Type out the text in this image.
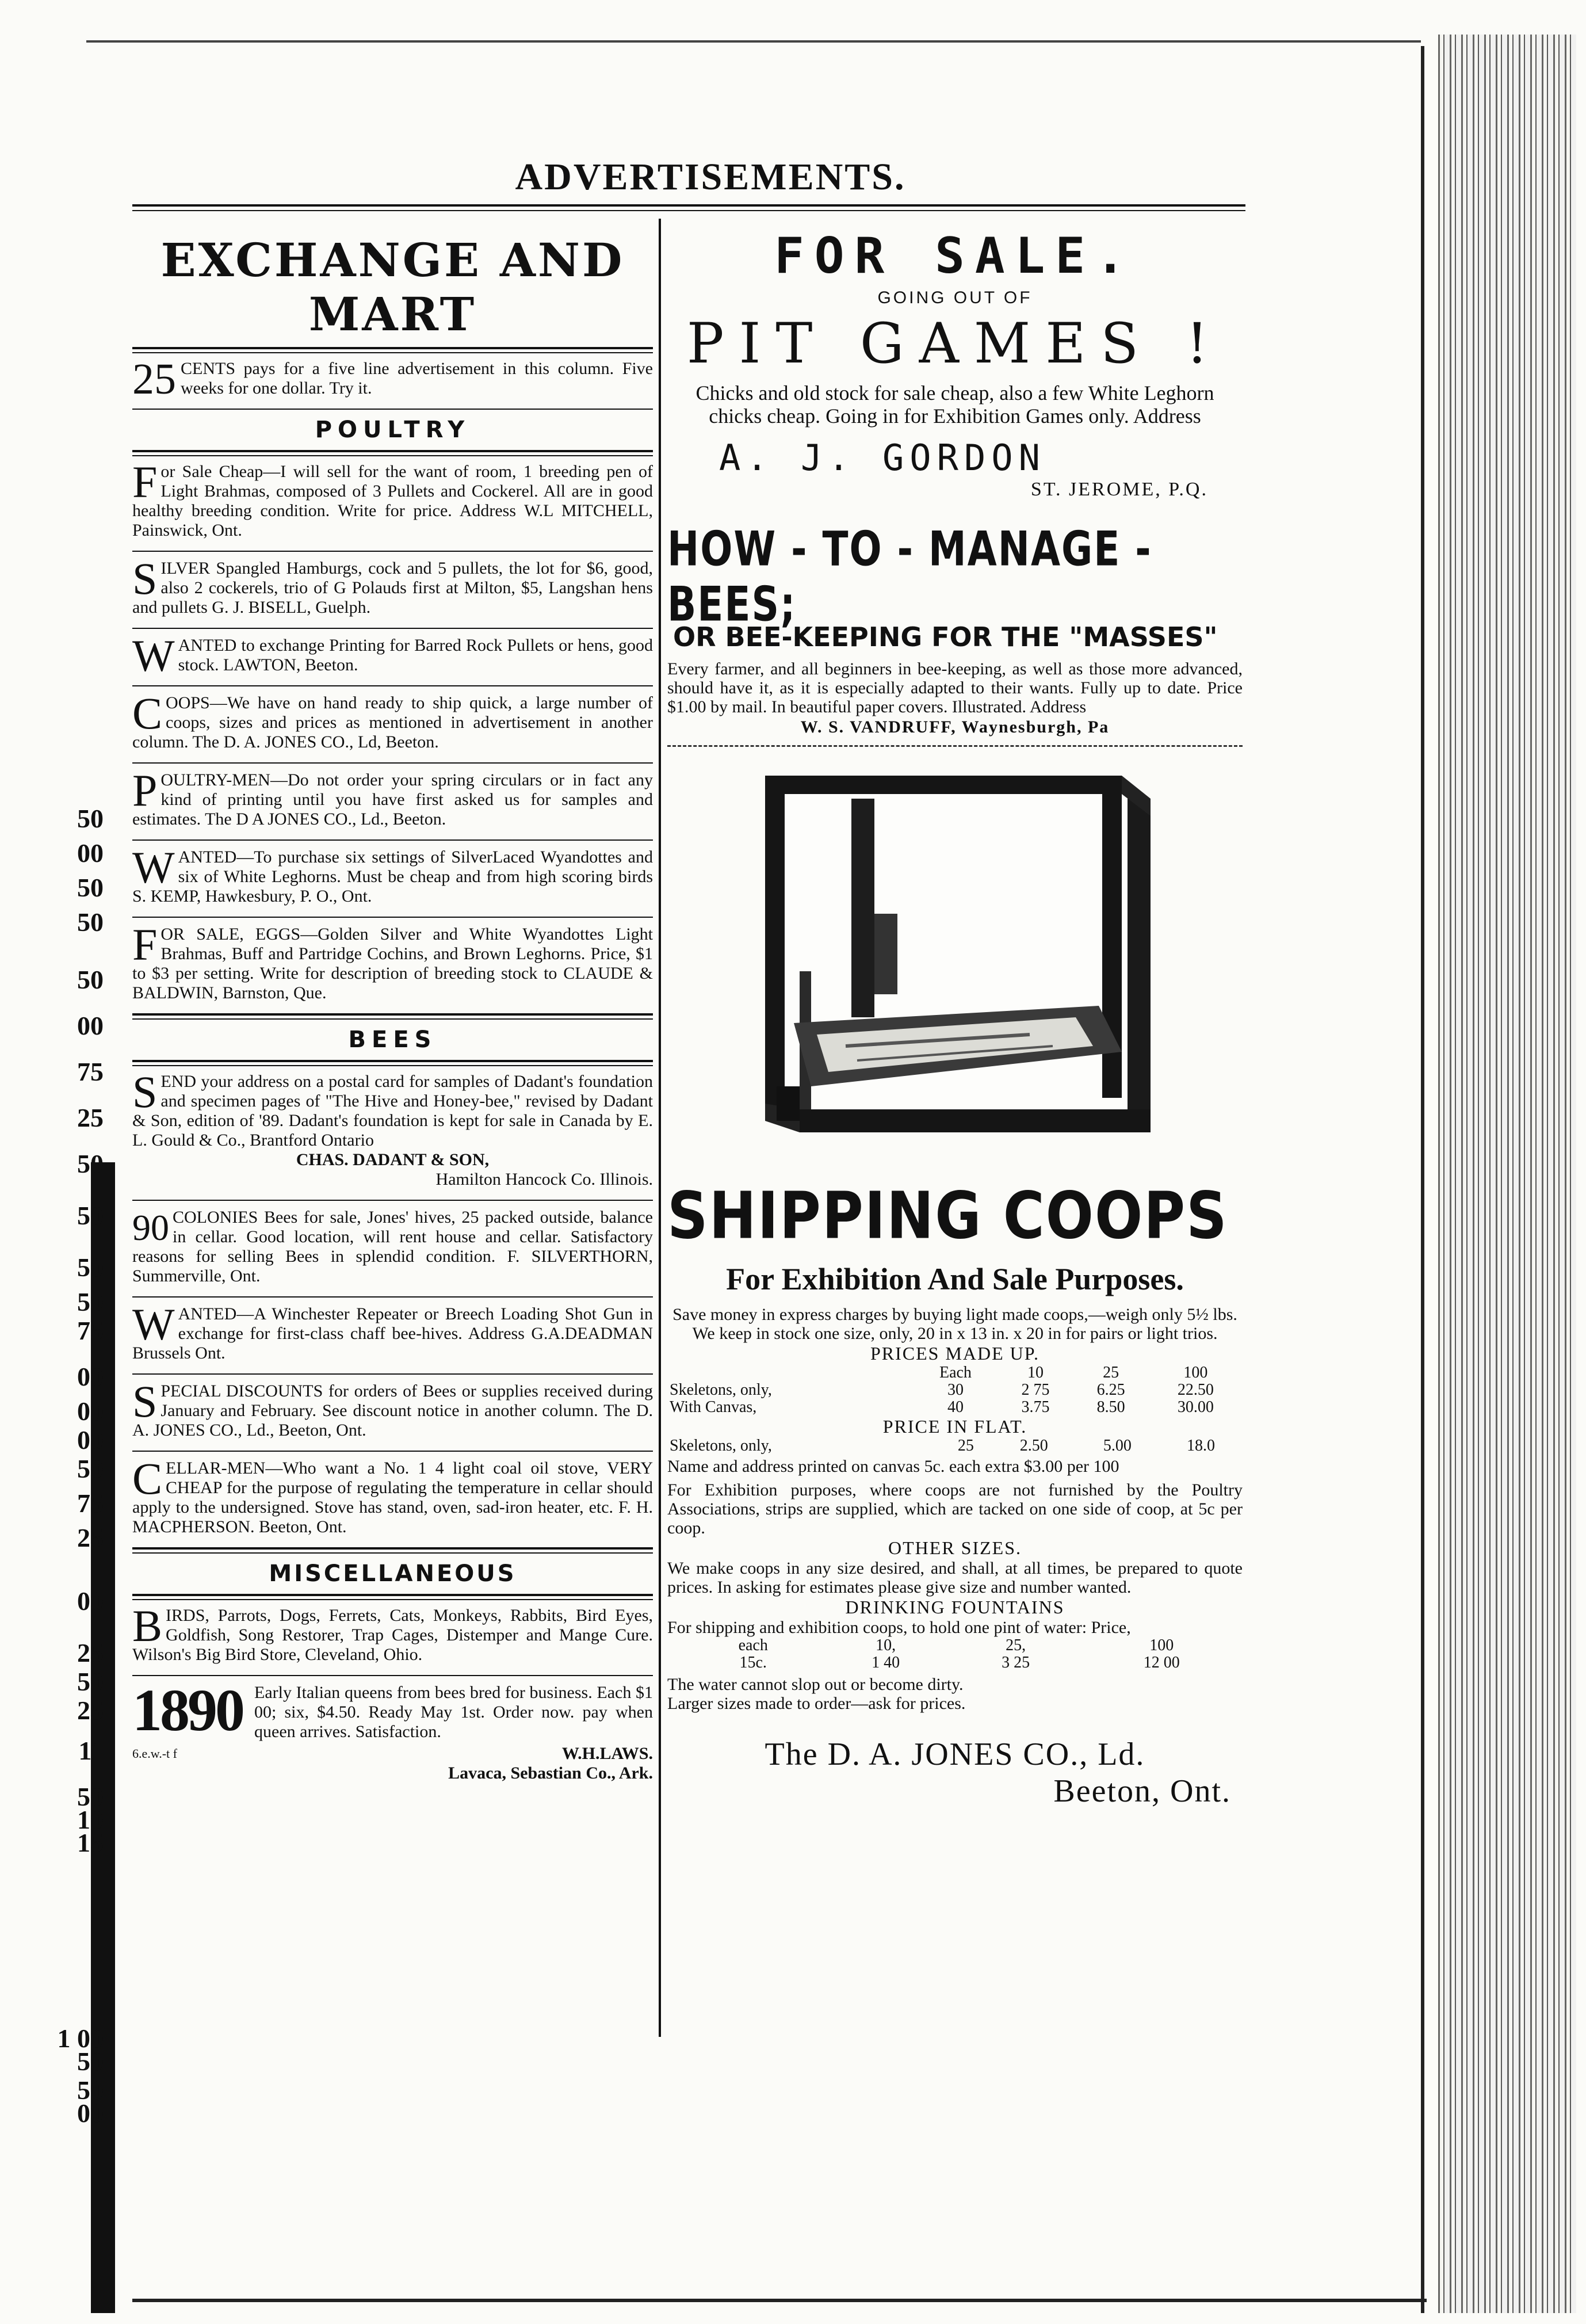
50
00
50
50
50
00
75
25
50
50
50
50
75
00
00
00
50
75
25
00
25
50
25
11
50
10
15
1 00
50
50
00
ADVERTISEMENTS.
EXCHANGE AND MART
25 CENTS pays for a five line advertisement in this column. Five weeks for one dollar. Try it.
POULTRY
For Sale Cheap—I will sell for the want of room, 1 breeding pen of Light Brahmas, composed of 3 Pullets and Cockerel. All are in good healthy breeding condition. Write for price. Address W.L MITCHELL, Painswick, Ont.
SILVER Spangled Hamburgs, cock and 5 pullets, the lot for $6, good, also 2 cockerels, trio of G Polauds first at Milton, $5, Langshan hens and pullets G. J. BISELL, Guelph.
WANTED to exchange Printing for Barred Rock Pullets or hens, good stock. LAWTON, Beeton.
COOPS—We have on hand ready to ship quick, a large number of coops, sizes and prices as mentioned in advertisement in another column. The D. A. JONES CO., Ld, Beeton.
POULTRY-MEN—Do not order your spring circulars or in fact any kind of printing until you have first asked us for samples and estimates. The D A JONES CO., Ld., Beeton.
WANTED—To purchase six settings of SilverLaced Wyandottes and six of White Leghorns. Must be cheap and from high scoring birds S. KEMP, Hawkesbury, P. O., Ont.
FOR SALE, EGGS—Golden Silver and White Wyandottes Light Brahmas, Buff and Partridge Cochins, and Brown Leghorns. Price, $1 to $3 per setting. Write for description of breeding stock to CLAUDE & BALDWIN, Barnston, Que.
BEES
SEND your address on a postal card for samples of Dadant's foundation and specimen pages of "The Hive and Honey-bee," revised by Dadant & Son, edition of '89. Dadant's foundation is kept for sale in Canada by E. L. Gould & Co., Brantford Ontario
CHAS. DADANT & SON,
Hamilton Hancock Co. Illinois.
90 COLONIES Bees for sale, Jones' hives, 25 packed outside, balance in cellar. Good location, will rent house and cellar. Satisfactory reasons for selling Bees in splendid condition. F. SILVERTHORN, Summerville, Ont.
WANTED—A Winchester Repeater or Breech Loading Shot Gun in exchange for first-class chaff bee-hives. Address G.A.DEADMAN Brussels Ont.
SPECIAL DISCOUNTS for orders of Bees or supplies received during January and February. See discount notice in another column. The D. A. JONES CO., Ld., Beeton, Ont.
CELLAR-MEN—Who want a No. 1 4 light coal oil stove, VERY CHEAP for the purpose of regulating the temperature in cellar should apply to the undersigned. Stove has stand, oven, sad-iron heater, etc. F. H. MACPHERSON. Beeton, Ont.
MISCELLANEOUS
BIRDS, Parrots, Dogs, Ferrets, Cats, Monkeys, Rabbits, Bird Eyes, Goldfish, Song Restorer, Trap Cages, Distemper and Mange Cure. Wilson's Big Bird Store, Cleveland, Ohio.
1890 Early Italian queens from bees bred for business. Each $1 00; six, $4.50. Ready May 1st. Order now. pay when queen arrives. Satisfaction.
6.e.w.-t f	W.H.LAWS.
Lavaca, Sebastian Co., Ark.
FOR SALE.
GOING OUT OF
PIT GAMES !
Chicks and old stock for sale cheap, also a few White Leghorn chicks cheap. Going in for Exhibition Games only. Address
A. J. GORDON
ST. JEROME, P.Q.
HOW - TO - MANAGE - BEES;
OR BEE-KEEPING FOR THE "MASSES"
Every farmer, and all beginners in bee-keeping, as well as those more advanced, should have it, as it is especially adapted to their wants. Fully up to date. Price $1.00 by mail. In beautiful paper covers. Illustrated. Address
W. S. VANDRUFF, Waynesburgh, Pa
SHIPPING COOPS
For Exhibition And Sale Purposes.
Save money in express charges by buying light made coops,—weigh only 5½ lbs.
We keep in stock one size, only, 20 in x 13 in. x 20 in for pairs or light trios.
PRICES MADE UP.
	Each	10	25	100
Skeletons, only,	30	2 75	6.25	22.50
With Canvas,	40	3.75	8.50	30.00
PRICE IN FLAT.
Skeletons, only,	25	2.50	5.00	18.0
Name and address printed on canvas 5c. each extra $3.00 per 100
For Exhibition purposes, where coops are not furnished by the Poultry Associations, strips are supplied, which are tacked on one side of coop, at 5c per coop.
OTHER SIZES.
We make coops in any size desired, and shall, at all times, be prepared to quote prices. In asking for estimates please give size and number wanted.
DRINKING FOUNTAINS
For shipping and exhibition coops, to hold one pint of water: Price,
	each	10,	25,	100
	15c.	1 40	3 25	12 00
The water cannot slop out or become dirty.
Larger sizes made to order—ask for prices.
The D. A. JONES CO., Ld.
Beeton, Ont.
